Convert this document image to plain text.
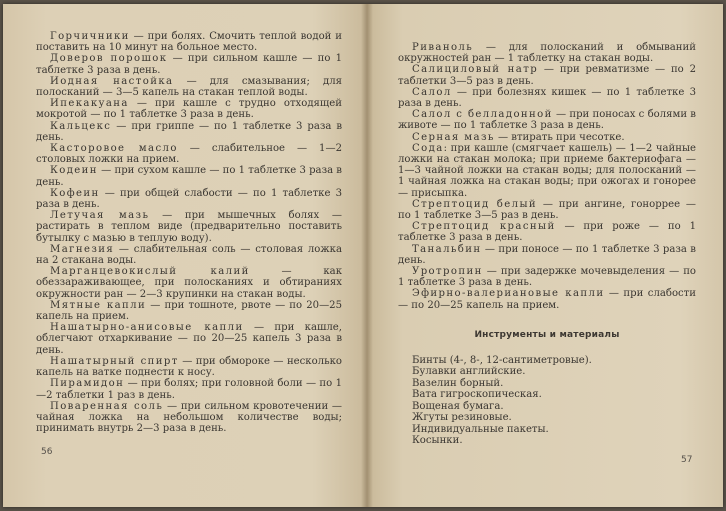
Горчичники — при болях. Смочить теплой водой и поставить на 10 минут на больное место.

Доверов порошок — при сильном кашле — по 1 таблетке 3 раза в день.

Иодная настойка — для смазывания; для полосканий — 3—5 капель на стакан теплой воды.

Ипекакуана — при кашле с трудно отходящей мокротой — по 1 таблетке 3 раза в день.

Кальцекс — при гриппе — по 1 таблетке 3 раза в день.

Касторовое масло — слабительное — 1—2 столовых ложки на прием.

Кодеин — при сухом кашле — по 1 таблетке 3 раза в день.

Кофеин — при общей слабости — по 1 таблетке 3 раза в день.

Летучая мазь — при мышечных болях — растирать в теплом виде (предварительно поставить бутылку с мазью в теплую воду).

Магнезия — слабительная соль — столовая ложка на 2 стакана воды.

Марганцевокислый калий — как обеззараживающее, при полосканиях и обтираниях окружности ран — 2—3 крупинки на стакан воды.

Мятные капли — при тошноте, рвоте — по 20—25 капель на прием.

Нашатырно-анисовые капли — при кашле, облегчают отхаркивание — по 20—25 капель 3 раза в день.

Нашатырный спирт — при обмороке — несколько капель на ватке поднести к носу.

Пирамидон — при болях; при головной боли — по 1—2 таблетки 1 раз в день.

Поваренная соль — при сильном кровотечении — чайная ложка на небольшом количестве воды; принимать внутрь 2—3 раза в день.

56

Риваноль — для полосканий и обмываний окружностей ран — 1 таблетку на стакан воды.

Салициловый натр — при ревматизме — по 2 таблетки 3—5 раз в день.

Салол — при болезнях кишек — по 1 таблетке 3 раза в день.

Салол с белладонной — при поносах с болями в животе — по 1 таблетке 3 раза в день.

Серная мазь — втирать при чесотке.

Сода: при кашле (смягчает кашель) — 1—2 чайные ложки на стакан молока; при приеме бактериофага — 1—3 чайной ложки на стакан воды; для полосканий — 1 чайная ложка на стакан воды; при ожогах и гонорее — присыпка.

Стрептоцид белый — при ангине, гоноррее — по 1 таблетке 3—5 раз в день.

Стрептоцид красный — при роже — по 1 таблетке 3 раза в день.

Танальбин — при поносе — по 1 таблетке 3 раза в день.

Уротропин — при задержке мочевыделения — по 1 таблетке 3 раза в день.

Эфирно-валериановые капли — при слабости — по 20—25 капель на прием.

Инструменты и материалы
Бинты (4-, 8-, 12-сантиметровые).
Булавки английские.
Вазелин борный.
Вата гигроскопическая.
Вощеная бумага.
Жгуты резиновые.
Индивидуальные пакеты.
Косынки.
57
